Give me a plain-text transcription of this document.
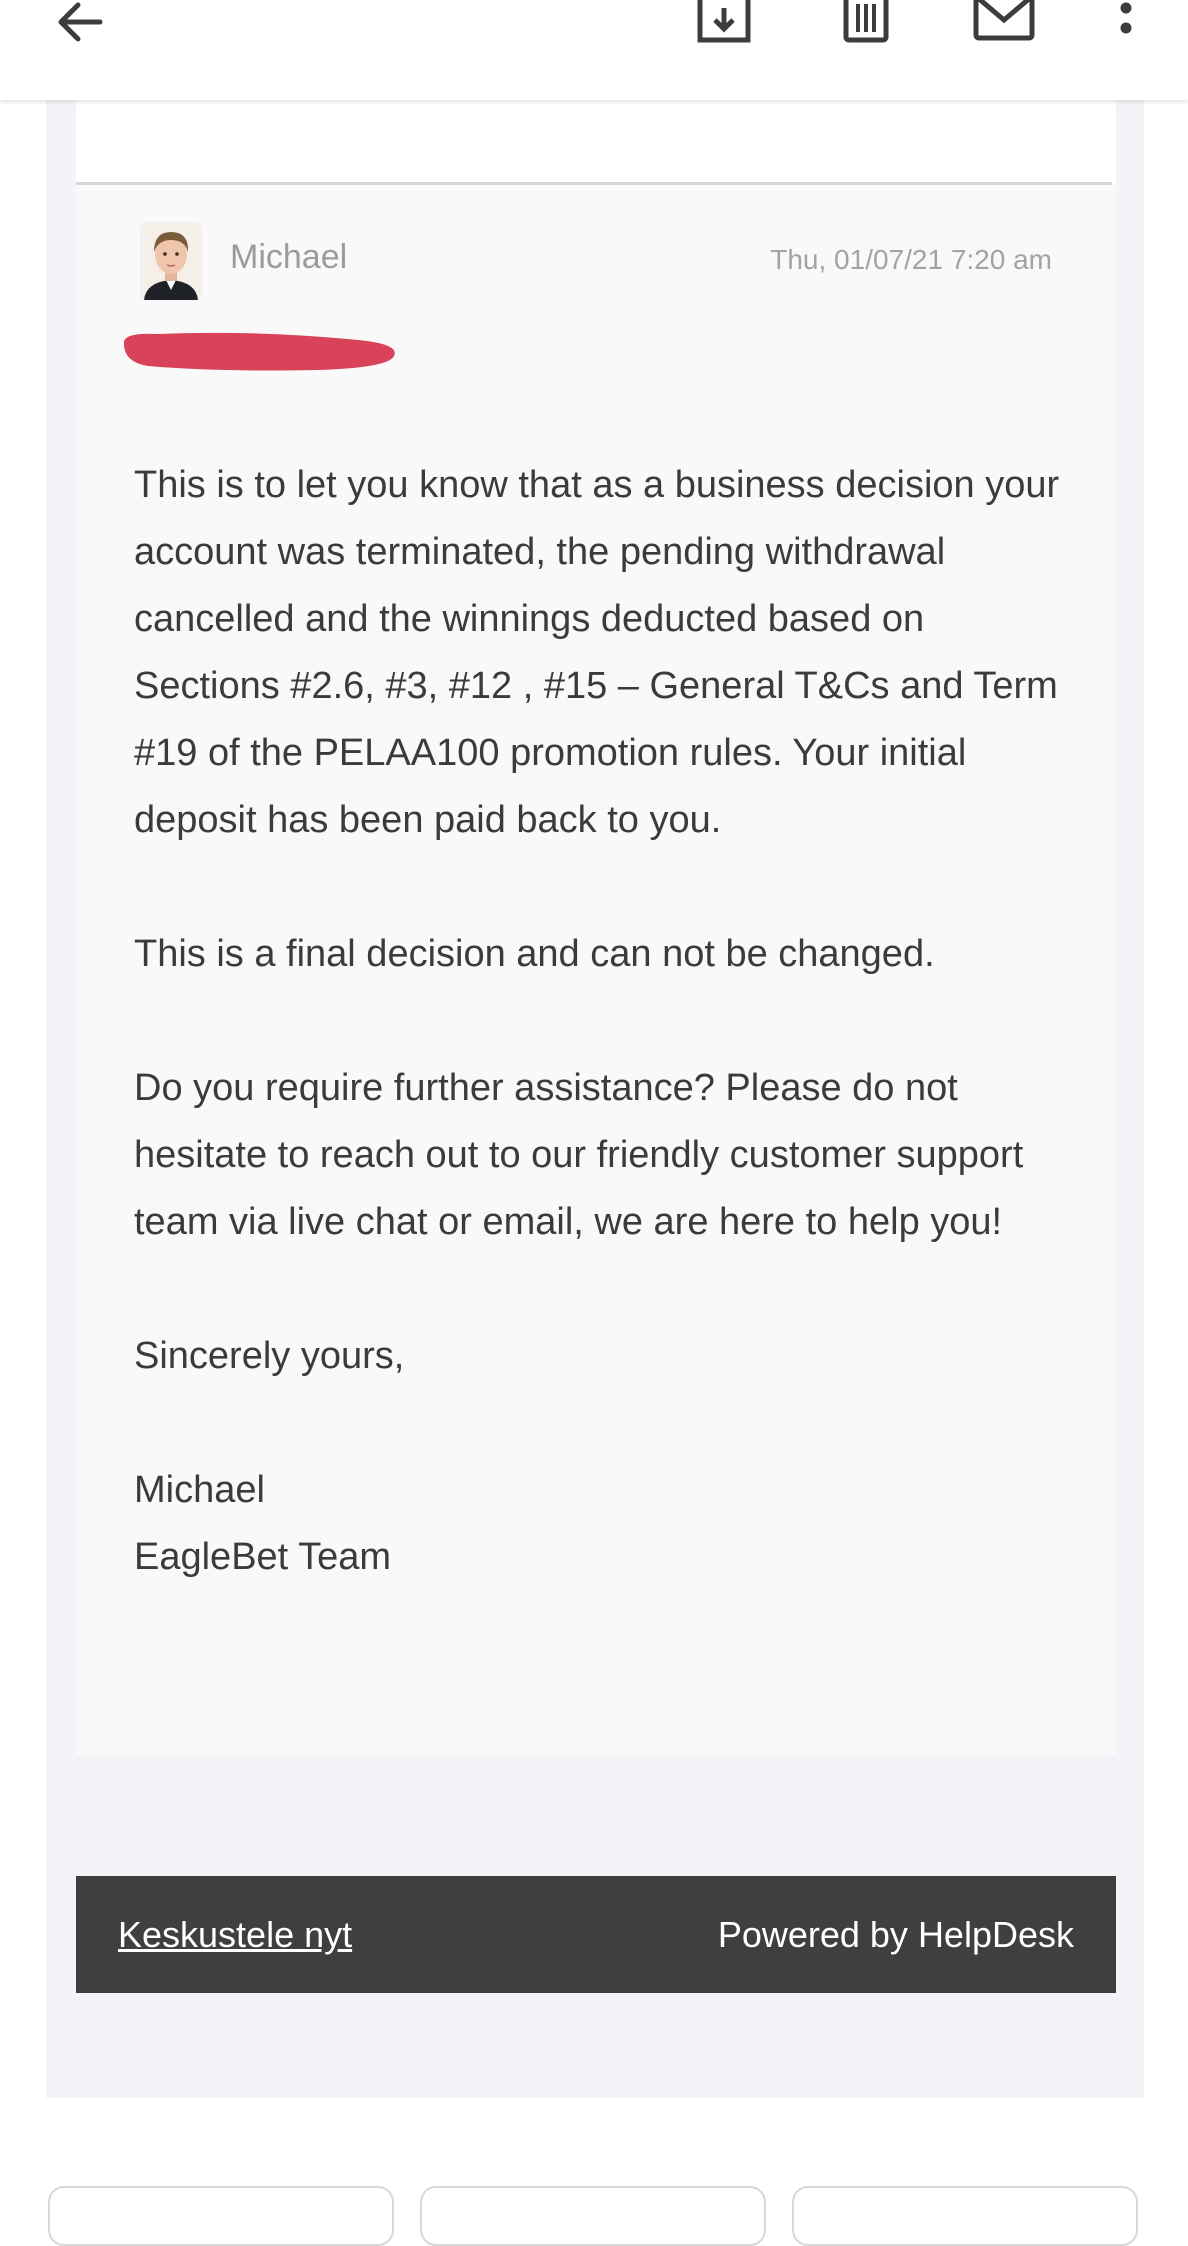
Michael	Thu, 01/07/21 7:20 am

This is to let you know that as a business decision your account was terminated, the pending withdrawal cancelled and the winnings deducted based on Sections #2.6, #3, #12 , #15 – General T&Cs and Term #19 of the PELAA100 promotion rules. Your initial deposit has been paid back to you.

This is a final decision and can not be changed.

Do you require further assistance? Please do not hesitate to reach out to our friendly customer support team via live chat or email, we are here to help you!

Sincerely yours,

Michael

EagleBet Team

Keskustele nyt	Powered by HelpDesk
